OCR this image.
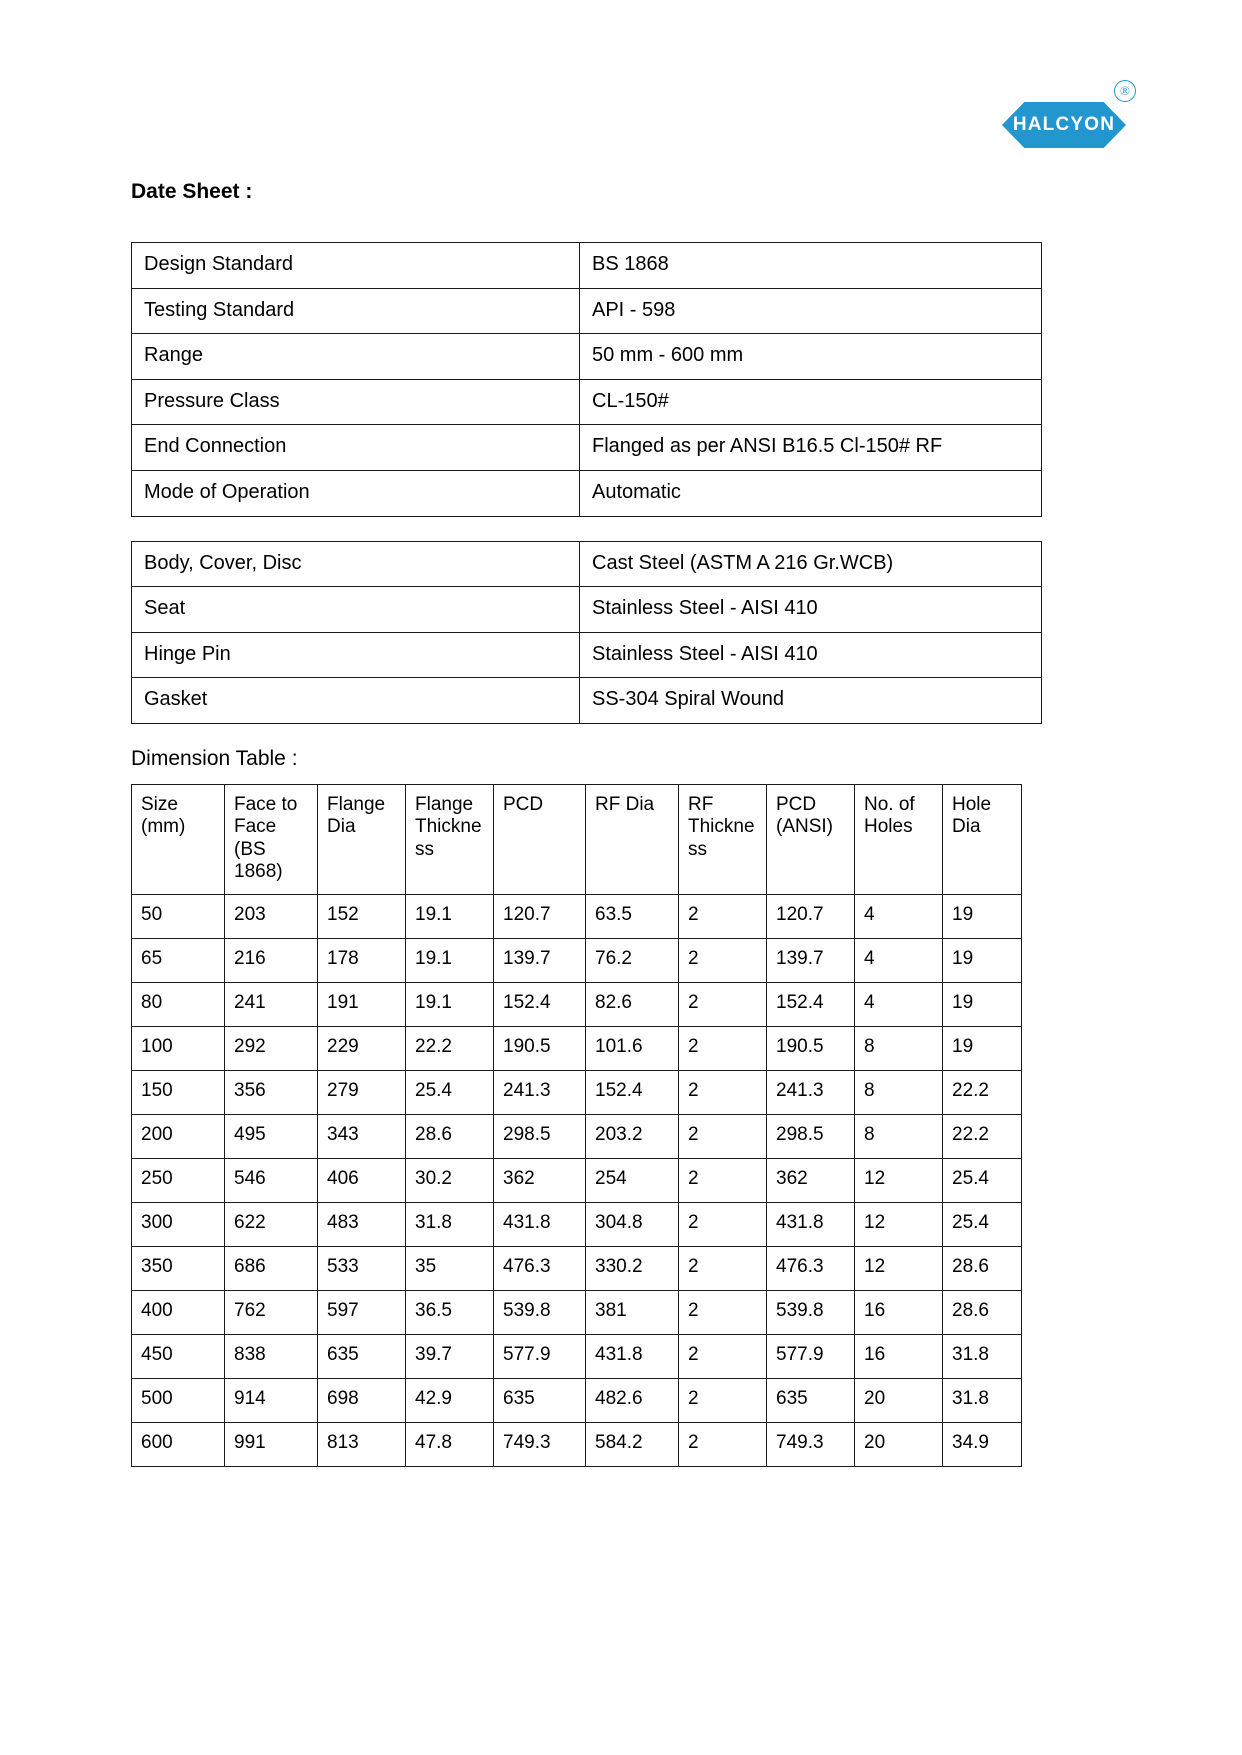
®
HALCYON
Date Sheet :
Design Standard	BS 1868
Testing Standard	API - 598
Range	50 mm - 600 mm
Pressure Class	CL-150#
End Connection	Flanged as per ANSI B16.5 Cl-150# RF
Mode of Operation	Automatic
Body, Cover, Disc	Cast Steel (ASTM A 216 Gr.WCB)
Seat	Stainless Steel - AISI 410
Hinge Pin	Stainless Steel - AISI 410
Gasket	SS-304 Spiral Wound
Dimension Table :
Size (mm)	Face to Face (BS 1868)	Flange Dia	Flange Thickness	PCD	RF Dia	RF Thickness	PCD (ANSI)	No. of Holes	Hole Dia
50	203	152	19.1	120.7	63.5	2	120.7	4	19
65	216	178	19.1	139.7	76.2	2	139.7	4	19
80	241	191	19.1	152.4	82.6	2	152.4	4	19
100	292	229	22.2	190.5	101.6	2	190.5	8	19
150	356	279	25.4	241.3	152.4	2	241.3	8	22.2
200	495	343	28.6	298.5	203.2	2	298.5	8	22.2
250	546	406	30.2	362	254	2	362	12	25.4
300	622	483	31.8	431.8	304.8	2	431.8	12	25.4
350	686	533	35	476.3	330.2	2	476.3	12	28.6
400	762	597	36.5	539.8	381	2	539.8	16	28.6
450	838	635	39.7	577.9	431.8	2	577.9	16	31.8
500	914	698	42.9	635	482.6	2	635	20	31.8
600	991	813	47.8	749.3	584.2	2	749.3	20	34.9
